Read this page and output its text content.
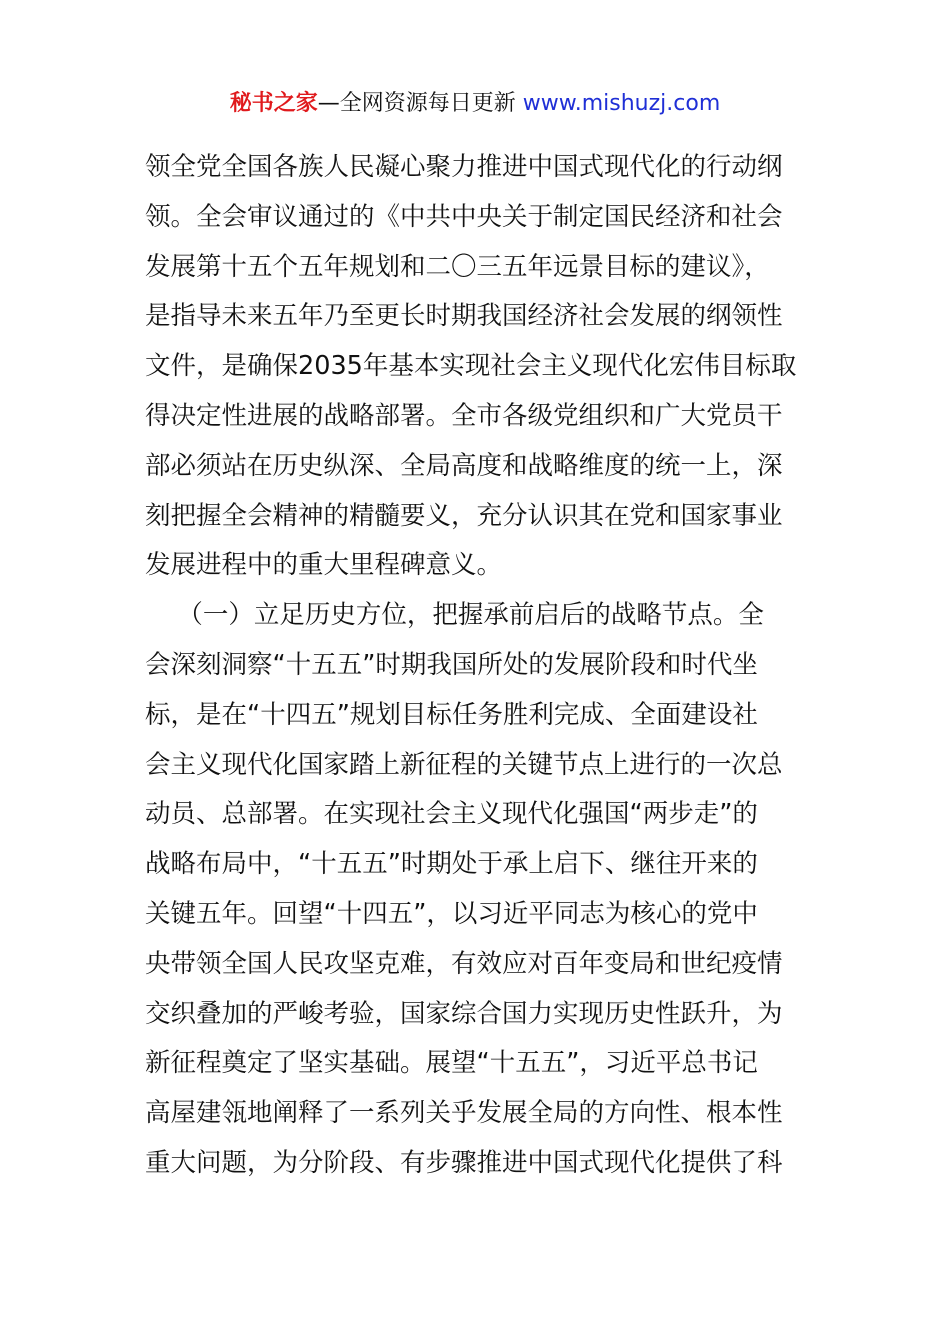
秘书之家—全网资源每日更新 www.mishuzj.com
领全党全国各族人民凝心聚力推进中国式现代化的行动纲
领。全会审议通过的《中共中央关于制定国民经济和社会
发展第十五个五年规划和二〇三五年远景目标的建议》，
是指导未来五年乃至更长时期我国经济社会发展的纲领性
文件，是确保2035年基本实现社会主义现代化宏伟目标取
得决定性进展的战略部署。全市各级党组织和广大党员干
部必须站在历史纵深、全局高度和战略维度的统一上，深
刻把握全会精神的精髓要义，充分认识其在党和国家事业
发展进程中的重大里程碑意义。
（一）立足历史方位，把握承前启后的战略节点。全
会深刻洞察“十五五”时期我国所处的发展阶段和时代坐
标，是在“十四五”规划目标任务胜利完成、全面建设社
会主义现代化国家踏上新征程的关键节点上进行的一次总
动员、总部署。在实现社会主义现代化强国“两步走”的
战略布局中，“十五五”时期处于承上启下、继往开来的
关键五年。回望“十四五”，以习近平同志为核心的党中
央带领全国人民攻坚克难，有效应对百年变局和世纪疫情
交织叠加的严峻考验，国家综合国力实现历史性跃升，为
新征程奠定了坚实基础。展望“十五五”，习近平总书记
高屋建瓴地阐释了一系列关乎发展全局的方向性、根本性
重大问题，为分阶段、有步骤推进中国式现代化提供了科
